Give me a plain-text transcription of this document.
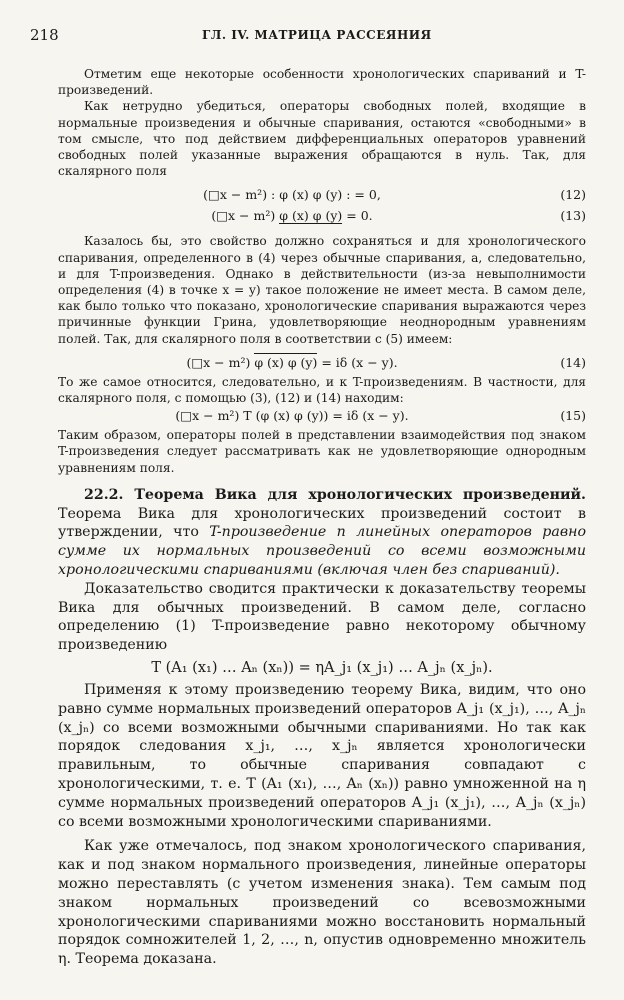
218	ГЛ. IV. МАТРИЦА РАССЕЯНИЯ

Отметим еще некоторые особенности хронологических спариваний и T-произведений.

Как нетрудно убедиться, операторы свободных полей, входящие в нормальные произведения и обычные спаривания, остаются «свободными» в том смысле, что под действием дифференциальных операторов уравнений свободных полей указанные выражения обращаются в нуль. Так, для скалярного поля

(□x − m²) : φ (x) φ (y) : = 0,	(12)
(□x − m²) φ (x) φ (y) = 0.	(13)

Казалось бы, это свойство должно сохраняться и для хронологического спаривания, определенного в (4) через обычные спаривания, а, следовательно, и для T-произведения. Однако в действительности (из-за невыполнимости определения (4) в точке x = y) такое положение не имеет места. В самом деле, как было только что показано, хронологические спаривания выражаются через причинные функции Грина, удовлетворяющие неоднородным уравнениям полей. Так, для скалярного поля в соответствии с (5) имеем:

(□x − m²) φ (x) φ (y) = iδ (x − y).	(14)

То же самое относится, следовательно, и к T-произведениям. В частности, для скалярного поля, с помощью (3), (12) и (14) находим:

(□x − m²) T (φ (x) φ (y)) = iδ (x − y).	(15)

Таким образом, операторы полей в представлении взаимодействия под знаком T-произведения следует рассматривать как не удовлетворяющие однородным уравнениям поля.

22.2. Теорема Вика для хронологических произведений. Теорема Вика для хронологических произведений состоит в утверждении, что T-произведение n линейных операторов равно сумме их нормальных произведений со всеми возможными хронологическими спариваниями (включая член без спариваний).

Доказательство сводится практически к доказательству теоремы Вика для обычных произведений. В самом деле, согласно определению (1) T-произведение равно некоторому обычному произведению

T (A₁ (x₁) … Aₙ (xₙ)) = ηA_j₁ (x_j₁) … A_jₙ (x_jₙ).

Применяя к этому произведению теорему Вика, видим, что оно равно сумме нормальных произведений операторов A_j₁ (x_j₁), …, A_jₙ (x_jₙ) со всеми возможными обычными спариваниями. Но так как порядок следования x_j₁, …, x_jₙ является хронологически правильным, то обычные спаривания совпадают с хронологическими, т. е. T (A₁ (x₁), …, Aₙ (xₙ)) равно умноженной на η сумме нормальных произведений операторов A_j₁ (x_j₁), …, A_jₙ (x_jₙ) со всеми возможными хронологическими спариваниями.

Как уже отмечалось, под знаком хронологического спаривания, как и под знаком нормального произведения, линейные операторы можно переставлять (с учетом изменения знака). Тем самым под знаком нормальных произведений со всевозможными хронологическими спариваниями можно восстановить нормальный порядок сомножителей 1, 2, …, n, опустив одновременно множитель η. Теорема доказана.
